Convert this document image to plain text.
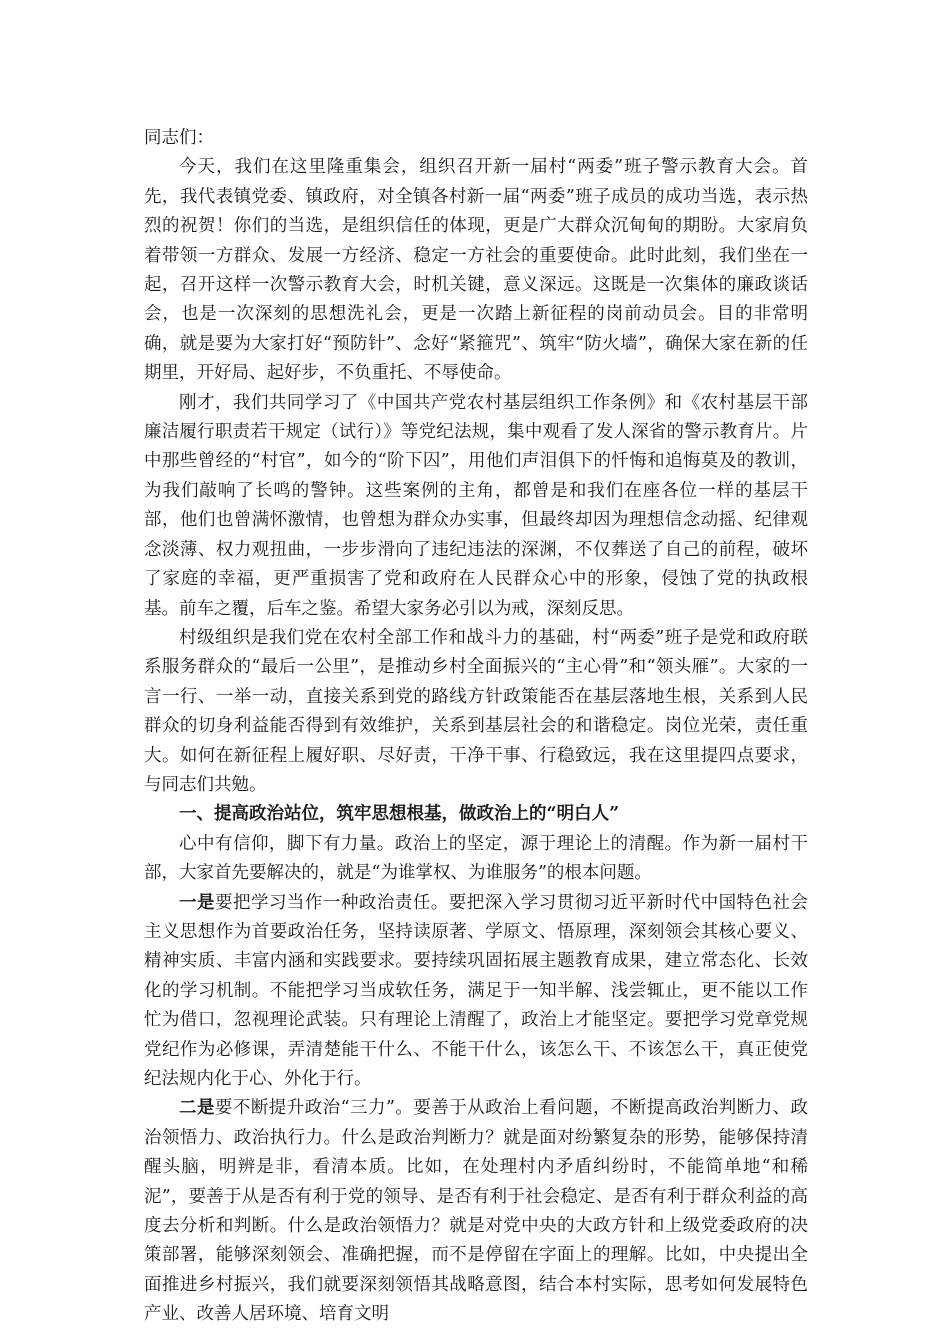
同志们：

今天，我们在这里隆重集会，组织召开新一届村“两委”班子警示教育大会。首先，我代表镇党委、镇政府，对全镇各村新一届“两委”班子成员的成功当选，表示热烈的祝贺！你们的当选，是组织信任的体现，更是广大群众沉甸甸的期盼。大家肩负着带领一方群众、发展一方经济、稳定一方社会的重要使命。此时此刻，我们坐在一起，召开这样一次警示教育大会，时机关键，意义深远。这既是一次集体的廉政谈话会，也是一次深刻的思想洗礼会，更是一次踏上新征程的岗前动员会。目的非常明确，就是要为大家打好“预防针”、念好“紧箍咒”、筑牢“防火墙”，确保大家在新的任期里，开好局、起好步，不负重托、不辱使命。

刚才，我们共同学习了《中国共产党农村基层组织工作条例》和《农村基层干部廉洁履行职责若干规定（试行）》等党纪法规，集中观看了发人深省的警示教育片。片中那些曾经的“村官”，如今的“阶下囚”，用他们声泪俱下的忏悔和追悔莫及的教训，为我们敲响了长鸣的警钟。这些案例的主角，都曾是和我们在座各位一样的基层干部，他们也曾满怀激情，也曾想为群众办实事，但最终却因为理想信念动摇、纪律观念淡薄、权力观扭曲，一步步滑向了违纪违法的深渊，不仅葬送了自己的前程，破坏了家庭的幸福，更严重损害了党和政府在人民群众心中的形象，侵蚀了党的执政根基。前车之覆，后车之鉴。希望大家务必引以为戒，深刻反思。

村级组织是我们党在农村全部工作和战斗力的基础，村“两委”班子是党和政府联系服务群众的“最后一公里”，是推动乡村全面振兴的“主心骨”和“领头雁”。大家的一言一行、一举一动，直接关系到党的路线方针政策能否在基层落地生根，关系到人民群众的切身利益能否得到有效维护，关系到基层社会的和谐稳定。岗位光荣，责任重大。如何在新征程上履好职、尽好责，干净干事、行稳致远，我在这里提四点要求，与同志们共勉。

一、提高政治站位，筑牢思想根基，做政治上的“明白人”

心中有信仰，脚下有力量。政治上的坚定，源于理论上的清醒。作为新一届村干部，大家首先要解决的，就是“为谁掌权、为谁服务”的根本问题。

一是要把学习当作一种政治责任。要把深入学习贯彻习近平新时代中国特色社会主义思想作为首要政治任务，坚持读原著、学原文、悟原理，深刻领会其核心要义、精神实质、丰富内涵和实践要求。要持续巩固拓展主题教育成果，建立常态化、长效化的学习机制。不能把学习当成软任务，满足于一知半解、浅尝辄止，更不能以工作忙为借口，忽视理论武装。只有理论上清醒了，政治上才能坚定。要把学习党章党规党纪作为必修课，弄清楚能干什么、不能干什么，该怎么干、不该怎么干，真正使党纪法规内化于心、外化于行。

二是要不断提升政治“三力”。要善于从政治上看问题，不断提高政治判断力、政治领悟力、政治执行力。什么是政治判断力？就是面对纷繁复杂的形势，能够保持清醒头脑，明辨是非，看清本质。比如，在处理村内矛盾纠纷时，不能简单地“和稀泥”，要善于从是否有利于党的领导、是否有利于社会稳定、是否有利于群众利益的高度去分析和判断。什么是政治领悟力？就是对党中央的大政方针和上级党委政府的决策部署，能够深刻领会、准确把握，而不是停留在字面上的理解。比如，中央提出全面推进乡村振兴，我们就要深刻领悟其战略意图，结合本村实际，思考如何发展特色产业、改善人居环境、培育文明
